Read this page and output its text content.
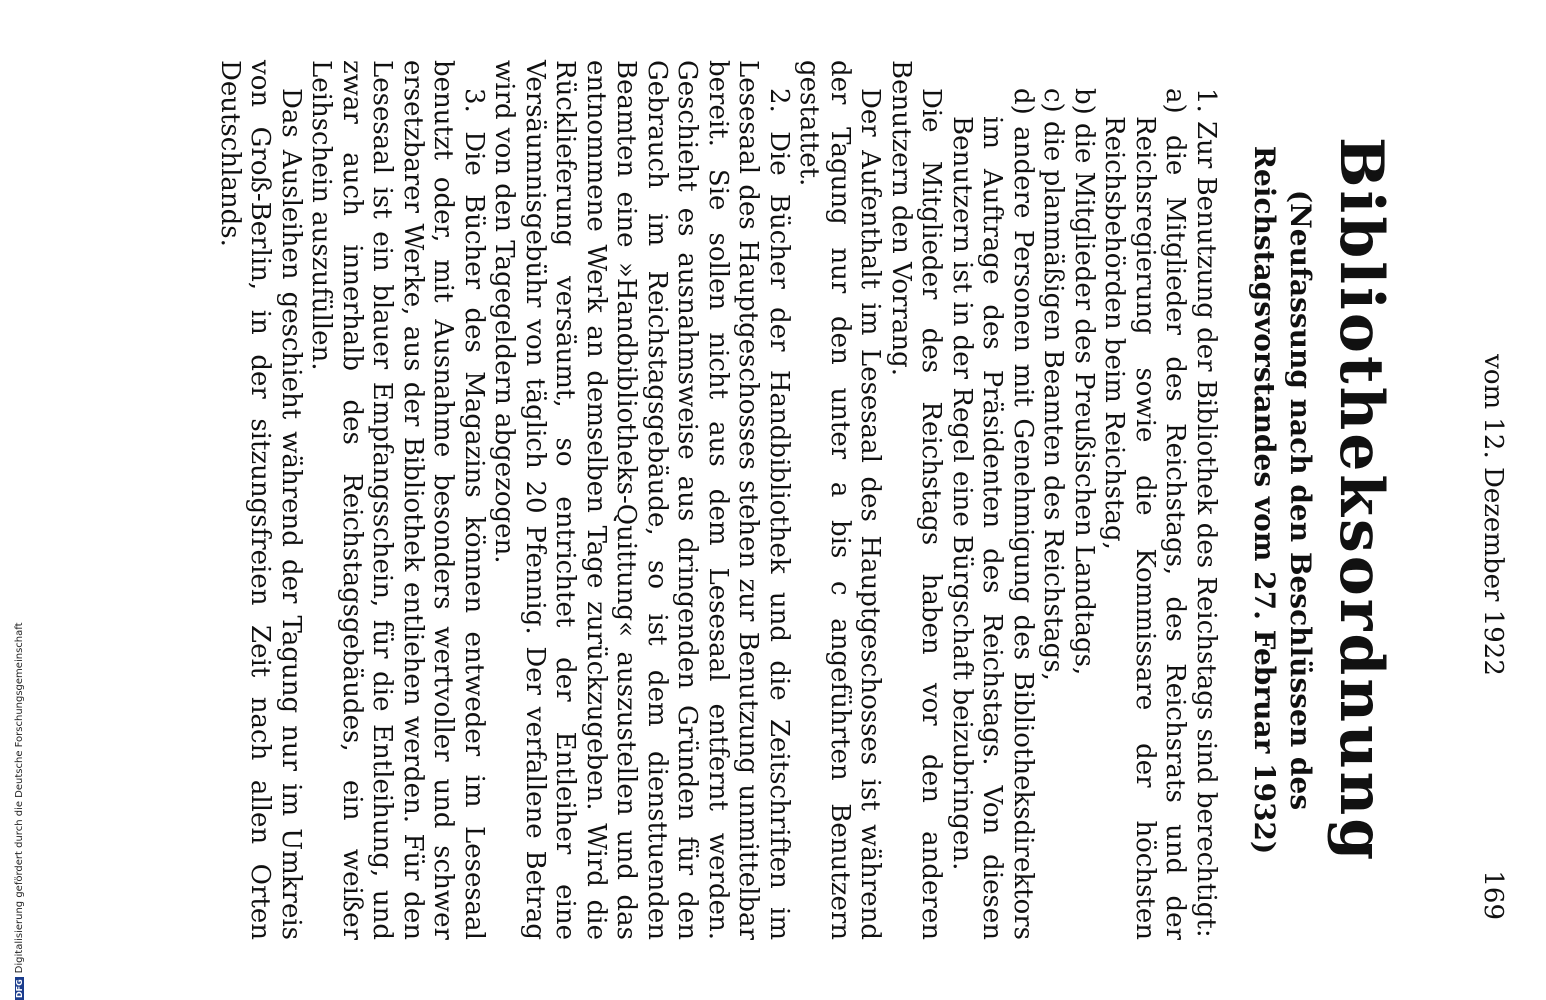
DFGDigitalisierung gefördert durch die Deutsche Forschungsgemeinschaft
vom 12. Dezember 1922
169
Bibliotheksordnung
(Neufassung nach den Beschlüssen des Reichstagsvorstandes vom 27. Februar 1932)

1. Zur Benutzung der Bibliothek des Reichstags sind berechtigt:

a) die Mitglieder des Reichstags, des Reichsrats und der Reichsregierung sowie die Kommissare der höchsten Reichsbehörden beim Reichstag,

b) die Mitglieder des Preußischen Landtags,

c) die planmäßigen Beamten des Reichstags,

d) andere Personen mit Genehmigung des Bibliotheksdirektors im Auftrage des Präsidenten des Reichstags. Von diesen Benutzern ist in der Regel eine Bürgschaft beizubringen.

Die Mitglieder des Reichstags haben vor den anderen Benutzern den Vorrang.

Der Aufenthalt im Lesesaal des Hauptgeschosses ist während der Tagung nur den unter a bis c angeführten Benutzern gestattet.

2. Die Bücher der Handbibliothek und die Zeitschriften im Lesesaal des Hauptgeschosses stehen zur Benutzung unmittelbar bereit. Sie sollen nicht aus dem Lesesaal entfernt werden. Geschieht es ausnahmsweise aus dringenden Gründen für den Gebrauch im Reichstagsgebäude, so ist dem diensttuenden Beamten eine »Handbibliotheks-Quittung« auszustellen und das entnommene Werk an demselben Tage zurückzugeben. Wird die Rücklieferung versäumt, so entrichtet der Entleiher eine Versäumnisgebühr von täglich 20 Pfennig. Der verfallene Betrag wird von den Tagegeldern abgezogen.

3. Die Bücher des Magazins können entweder im Lesesaal benutzt oder, mit Ausnahme besonders wertvoller und schwer ersetzbarer Werke, aus der Bibliothek entliehen werden. Für den Lesesaal ist ein blauer Empfangsschein, für die Entleihung, und zwar auch innerhalb des Reichstagsgebäudes, ein weißer Leihschein auszufüllen.

Das Ausleihen geschieht während der Tagung nur im Umkreis von Groß-Berlin, in der sitzungsfreien Zeit nach allen Orten Deutschlands.
